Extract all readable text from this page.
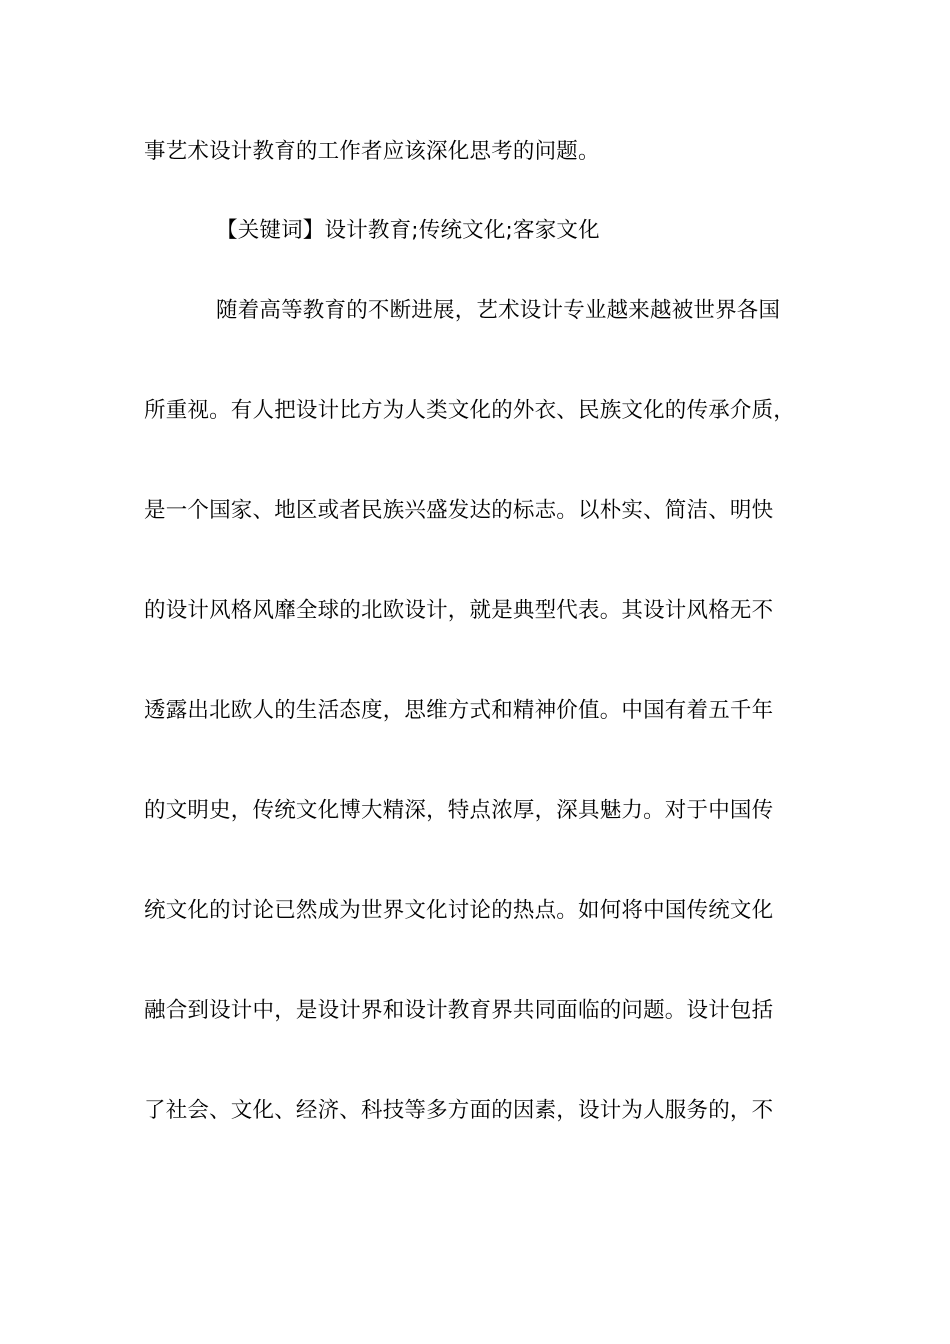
事艺术设计教育的工作者应该深化思考的问题。
【关键词】设计教育;传统文化;客家文化
随着高等教育的不断进展，艺术设计专业越来越被世界各国
所重视。有人把设计比方为人类文化的外衣、民族文化的传承介质，
是一个国家、地区或者民族兴盛发达的标志。以朴实、简洁、明快
的设计风格风靡全球的北欧设计，就是典型代表。其设计风格无不
透露出北欧人的生活态度，思维方式和精神价值。中国有着五千年
的文明史，传统文化博大精深，特点浓厚，深具魅力。对于中国传
统文化的讨论已然成为世界文化讨论的热点。如何将中国传统文化
融合到设计中，是设计界和设计教育界共同面临的问题。设计包括
了社会、文化、经济、科技等多方面的因素，设计为人服务的，不
